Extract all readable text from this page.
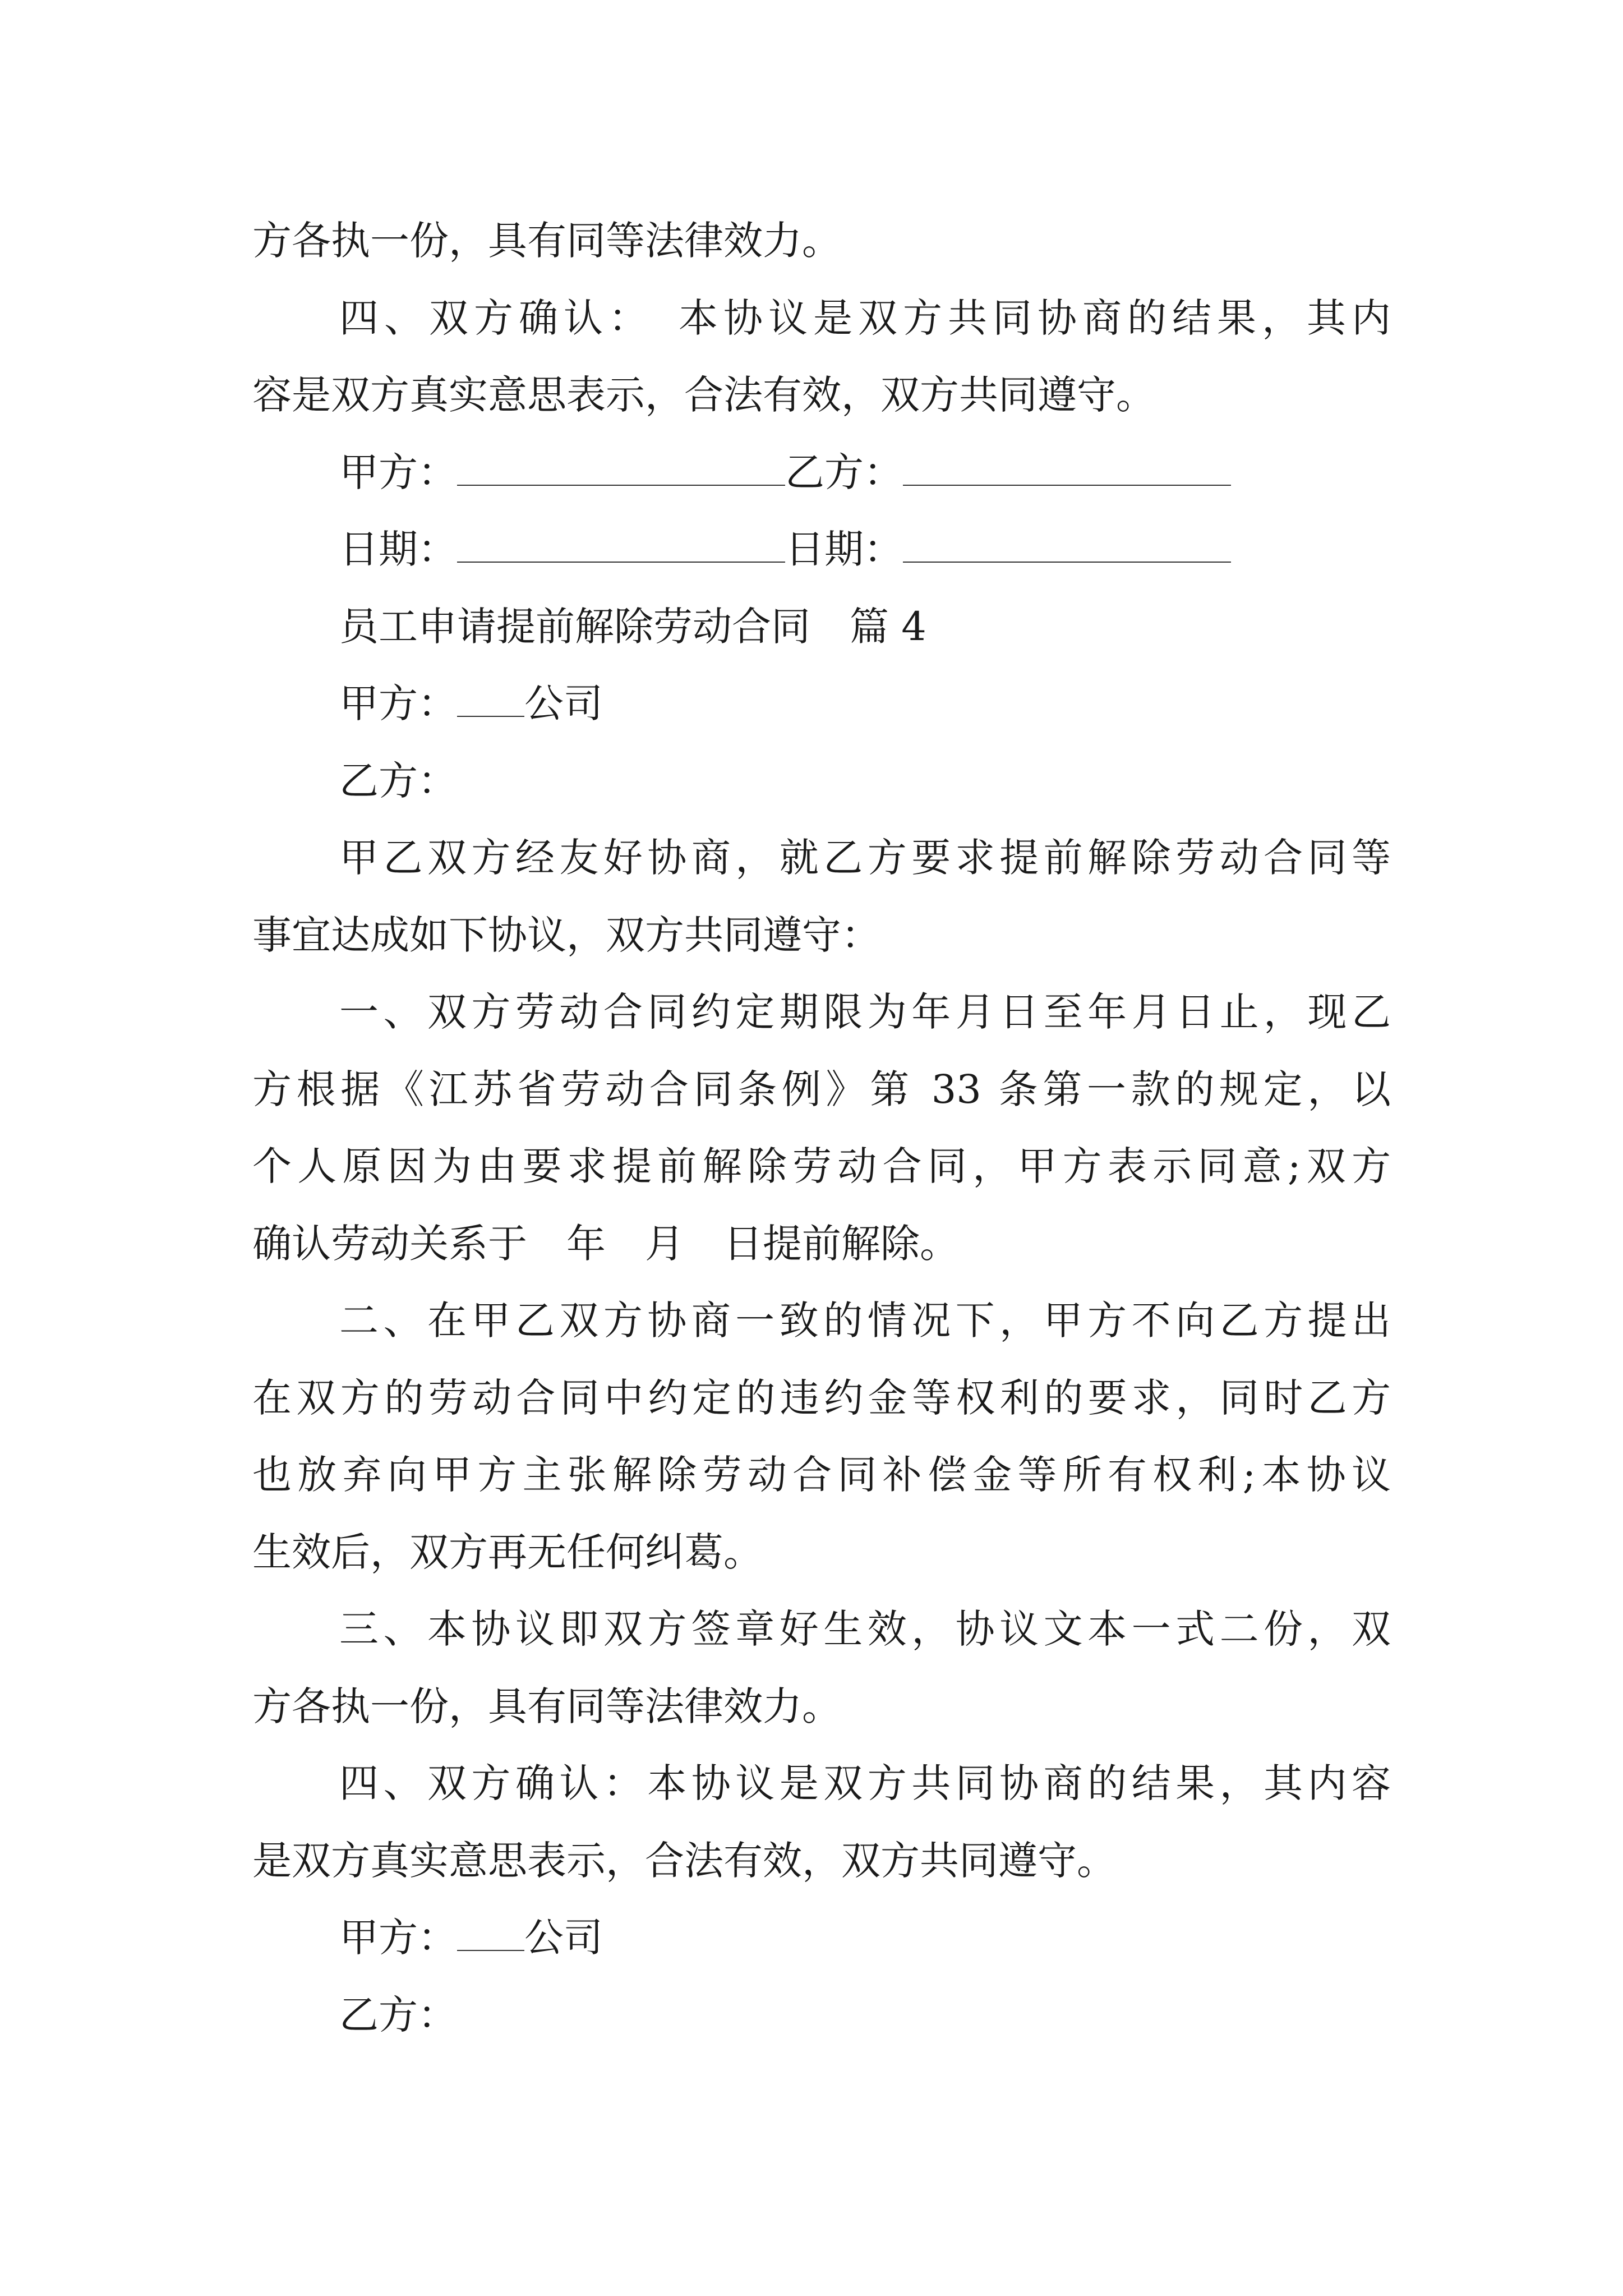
方各执一份，具有同等法律效力。
四、双方确认：　本协议是双方共同协商的结果，其内
容是双方真实意思表示，合法有效，双方共同遵守。
甲方：	乙方：
日期：	日期：
员工申请提前解除劳动合同　篇 4
甲方： 公司
乙方：
甲乙双方经友好协商，就乙方要求提前解除劳动合同等
事宜达成如下协议，双方共同遵守：
一、双方劳动合同约定期限为年月日至年月日止，现乙
方根据《江苏省劳动合同条例》第 33 条第一款的规定，以
个人原因为由要求提前解除劳动合同，甲方表示同意;双方
确认劳动关系于　年　月　日提前解除。
二、在甲乙双方协商一致的情况下，甲方不向乙方提出
在双方的劳动合同中约定的违约金等权利的要求，同时乙方
也放弃向甲方主张解除劳动合同补偿金等所有权利;本协议
生效后，双方再无任何纠葛。
三、本协议即双方签章好生效，协议文本一式二份，双
方各执一份，具有同等法律效力。
四、双方确认：本协议是双方共同协商的结果，其内容
是双方真实意思表示，合法有效，双方共同遵守。
甲方： 公司
乙方：
